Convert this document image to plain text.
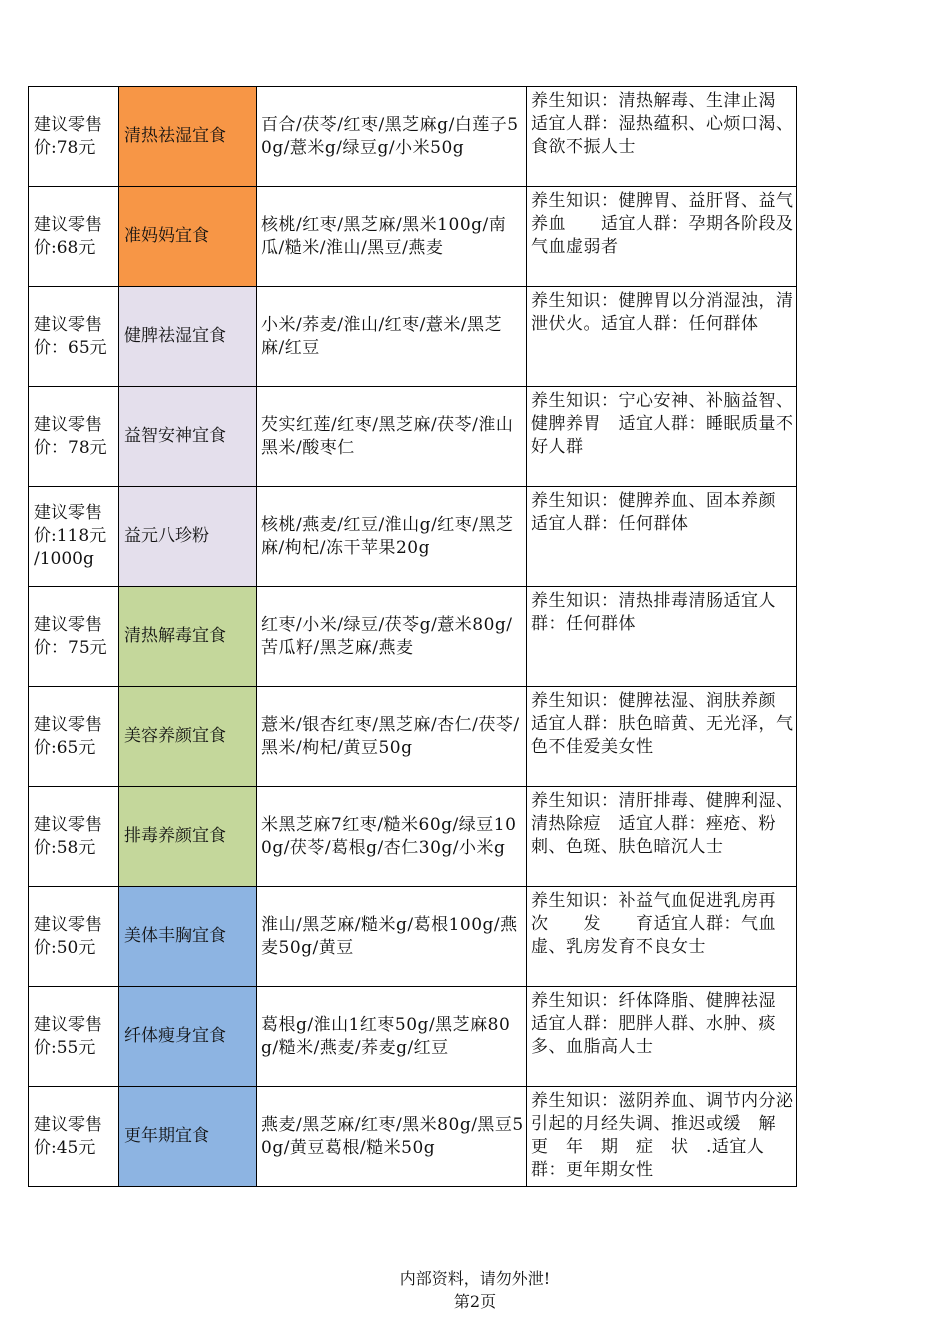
建议零售
价:78元	清热祛湿宜食	百合/茯苓/红枣/黑芝麻g/白莲子50g/薏米g/绿豆g/小米50g	养生知识：清热解毒、生津止渴　　　　　适宜人群：湿热蕴积、心烦口渴、食欲不振人士
建议零售
价:68元	准妈妈宜食	核桃/红枣/黑芝麻/黑米100g/南瓜/糙米/淮山/黑豆/燕麦	养生知识：健脾胃、益肝肾、益气养血　　适宜人群：孕期各阶段及气血虚弱者
建议零售
价：65元	健脾祛湿宜食	小米/荞麦/淮山/红枣/薏米/黑芝麻/红豆	养生知识：健脾胃以分消湿浊，清泄伏火。适宜人群：任何群体
建议零售
价：78元	益智安神宜食	芡实红莲/红枣/黑芝麻/茯苓/淮山黑米/酸枣仁	养生知识：宁心安神、补脑益智、健脾养胃　适宜人群：睡眠质量不好人群
建议零售
价:118元
/1000g	益元八珍粉	核桃/燕麦/红豆/淮山g/红枣/黑芝麻/枸杞/冻干苹果20g	养生知识：健脾养血、固本养颜　　　　　适宜人群：任何群体
建议零售
价：75元	清热解毒宜食	红枣/小米/绿豆/茯苓g/薏米80g/苦瓜籽/黑芝麻/燕麦	养生知识：清热排毒清肠适宜人群：任何群体
建议零售
价:65元	美容养颜宜食	薏米/银杏红枣/黑芝麻/杏仁/茯苓/黑米/枸杞/黄豆50g	养生知识：健脾祛湿、润肤养颜 适宜人群：肤色暗黄、无光泽，气色不佳爱美女性
建议零售
价:58元	排毒养颜宜食	米黑芝麻7红枣/糙米60g/绿豆100g/茯苓/葛根g/杏仁30g/小米g	养生知识：清肝排毒、健脾利湿、清热除痘　适宜人群：痤疮、粉刺、色斑、肤色暗沉人士
建议零售
价:50元	美体丰胸宜食	淮山/黑芝麻/糙米g/葛根100g/燕麦50g/黄豆	养生知识：补益气血促进乳房再　　次　　发　　育适宜人群：气血虚、乳房发育不良女士
建议零售
价:55元	纤体瘦身宜食	葛根g/淮山1红枣50g/黑芝麻80g/糙米/燕麦/荞麦g/红豆	养生知识：纤体降脂、健脾祛湿 适宜人群：肥胖人群、水肿、痰多、血脂高人士
建议零售
价:45元	更年期宜食	燕麦/黑芝麻/红枣/黑米80g/黑豆50g/黄豆葛根/糙米50g	养生知识：滋阴养血、调节内分泌引起的月经失调、推迟或缓　解　更　年　期　症　状　.适宜人群：更年期女性
内部资料，请勿外泄!
第2页
